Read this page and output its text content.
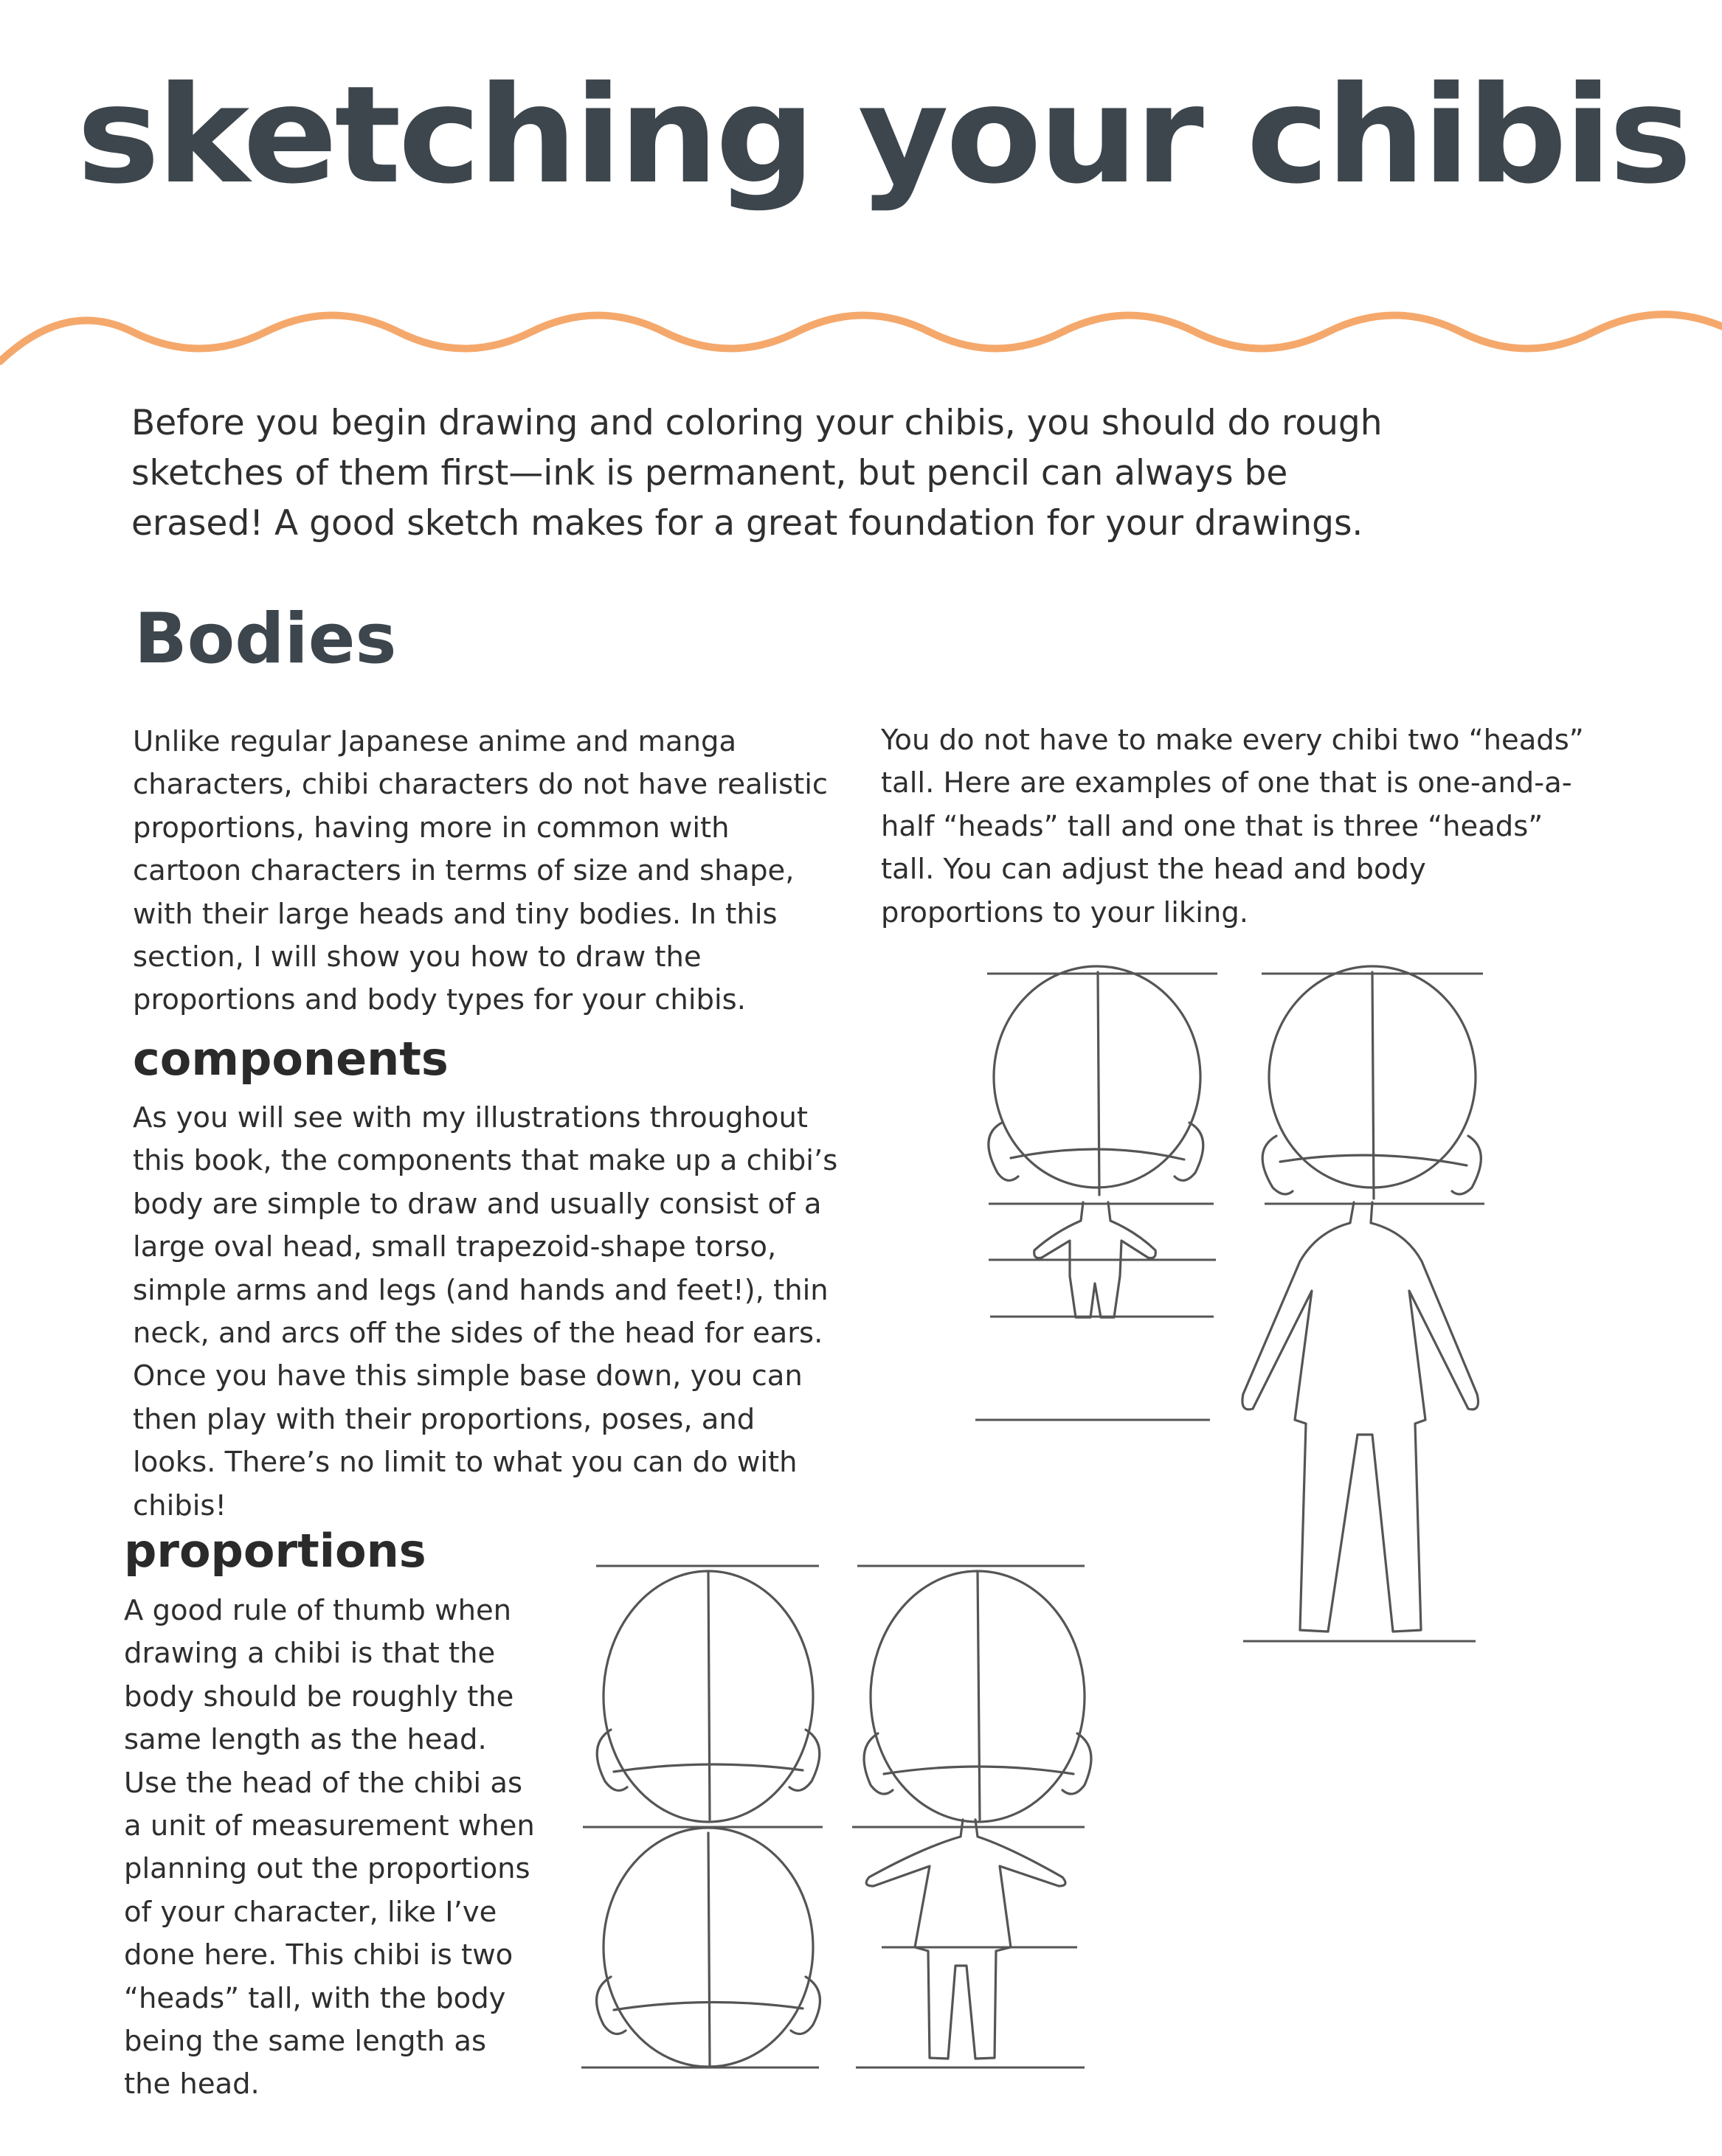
sketching your chibis

Before you begin drawing and coloring your chibis, you should do rough sketches of them first—ink is permanent, but pencil can always be erased! A good sketch makes for a great foundation for your drawings.

Bodies

Unlike regular Japanese anime and manga characters, chibi characters do not have realistic proportions, having more in common with cartoon characters in terms of size and shape, with their large heads and tiny bodies. In this section, I will show you how to draw the proportions and body types for your chibis.

You do not have to make every chibi two “heads” tall. Here are examples of one that is one-and-a-half “heads” tall and one that is three “heads” tall. You can adjust the head and body proportions to your liking.

components

As you will see with my illustrations throughout this book, the components that make up a chibi’s body are simple to draw and usually consist of a large oval head, small trapezoid-shape torso, simple arms and legs (and hands and feet!), thin neck, and arcs off the sides of the head for ears. Once you have this simple base down, you can then play with their proportions, poses, and looks. There’s no limit to what you can do with chibis!

proportions

A good rule of thumb when drawing a chibi is that the body should be roughly the same length as the head. Use the head of the chibi as a unit of measurement when planning out the proportions of your character, like I’ve done here. This chibi is two “heads” tall, with the body being the same length as the head.
